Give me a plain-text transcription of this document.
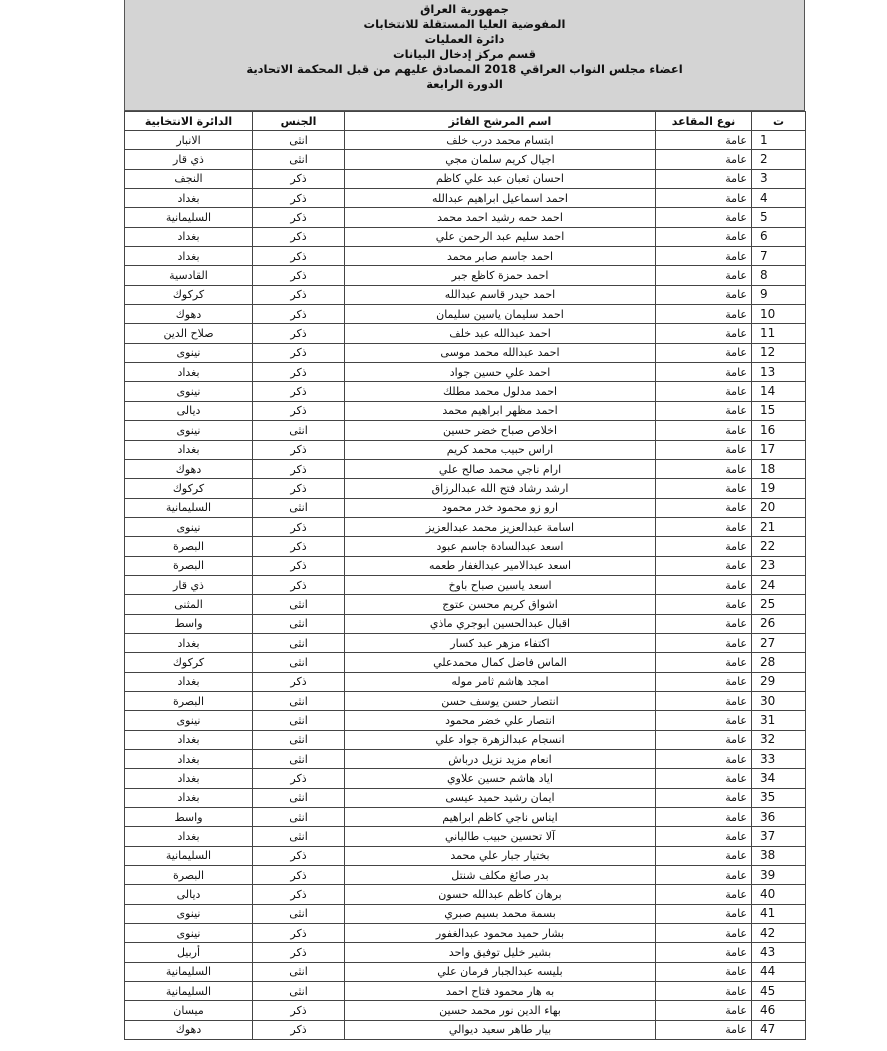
جمهورية العراق
المفوضية العليا المستقلة للانتخابات
دائرة العمليات
قسم مركز إدخال البيانات
اعضاء مجلس النواب العراقي 2018 المصادق عليهم من قبل المحكمة الاتحادية
الدورة الرابعة
ت	نوع المقاعد	اسم المرشح الفائز	الجنس	الدائرة الانتخابية
1	عامة	ابتسام محمد درب خلف	انثى	الانبار
2	عامة	اجيال كريم سلمان مجي	انثى	ذي قار
3	عامة	احسان ثعبان عبد علي كاظم	ذكر	النجف
4	عامة	احمد اسماعيل ابراهيم عبدالله	ذكر	بغداد
5	عامة	احمد حمه رشيد احمد محمد	ذكر	السليمانية
6	عامة	احمد سليم عبد الرحمن علي	ذكر	بغداد
7	عامة	احمد جاسم صابر محمد	ذكر	بغداد
8	عامة	احمد حمزة كاظع جبر	ذكر	القادسية
9	عامة	احمد حيدر قاسم عبدالله	ذكر	كركوك
10	عامة	احمد سليمان ياسين سليمان	ذكر	دهوك
11	عامة	احمد عبدالله عبد خلف	ذكر	صلاح الدين
12	عامة	احمد عبدالله محمد موسى	ذكر	نينوى
13	عامة	احمد علي حسين جواد	ذكر	بغداد
14	عامة	احمد مدلول محمد مطلك	ذكر	نينوى
15	عامة	احمد مظهر ابراهيم محمد	ذكر	ديالى
16	عامة	اخلاص صباح خضر حسين	انثى	نينوى
17	عامة	اراس حبيب محمد كريم	ذكر	بغداد
18	عامة	ارام ناجي محمد صالح علي	ذكر	دهوك
19	عامة	ارشد رشاد فتح الله عبدالرزاق	ذكر	كركوك
20	عامة	ارو زو محمود خدر محمود	انثى	السليمانية
21	عامة	اسامة عبدالعزيز محمد عبدالعزيز	ذكر	نينوى
22	عامة	اسعد عبدالسادة جاسم عبود	ذكر	البصرة
23	عامة	اسعد عبدالامير عبدالغفار طعمه	ذكر	البصرة
24	عامة	اسعد ياسين صباح باوخ	ذكر	ذي قار
25	عامة	اشواق كريم محسن عتوج	انثى	المثنى
26	عامة	اقبال عبدالحسين ابوجري ماذي	انثى	واسط
27	عامة	اكتفاء مزهر عبد كسار	انثى	بغداد
28	عامة	الماس فاضل كمال محمدعلي	انثى	كركوك
29	عامة	امجد هاشم ثامر موله	ذكر	بغداد
30	عامة	انتصار حسن يوسف حسن	انثى	البصرة
31	عامة	انتصار علي خضر محمود	انثى	نينوى
32	عامة	انسجام عبدالزهرة جواد علي	انثى	بغداد
33	عامة	انعام مزيد نزيل درباش	انثى	بغداد
34	عامة	اياد هاشم حسين علاوي	ذكر	بغداد
35	عامة	ايمان رشيد حميد عيسى	انثى	بغداد
36	عامة	ايناس ناجي كاظم ابراهيم	انثى	واسط
37	عامة	آلا تحسين حبيب طالباني	انثى	بغداد
38	عامة	بختيار جبار علي محمد	ذكر	السليمانية
39	عامة	بدر صائغ مكلف شنتل	ذكر	البصرة
40	عامة	برهان كاظم عبدالله حسون	ذكر	ديالى
41	عامة	بسمة محمد بسيم صبري	انثى	نينوى
42	عامة	بشار حميد محمود عبدالغفور	ذكر	نينوى
43	عامة	بشير خليل توفيق واحد	ذكر	أربيل
44	عامة	بليسه عبدالجبار فرمان علي	انثى	السليمانية
45	عامة	به هار محمود فتاح احمد	انثى	السليمانية
46	عامة	بهاء الدين نور محمد حسين	ذكر	ميسان
47	عامة	بيار طاهر سعيد ديوالي	ذكر	دهوك
